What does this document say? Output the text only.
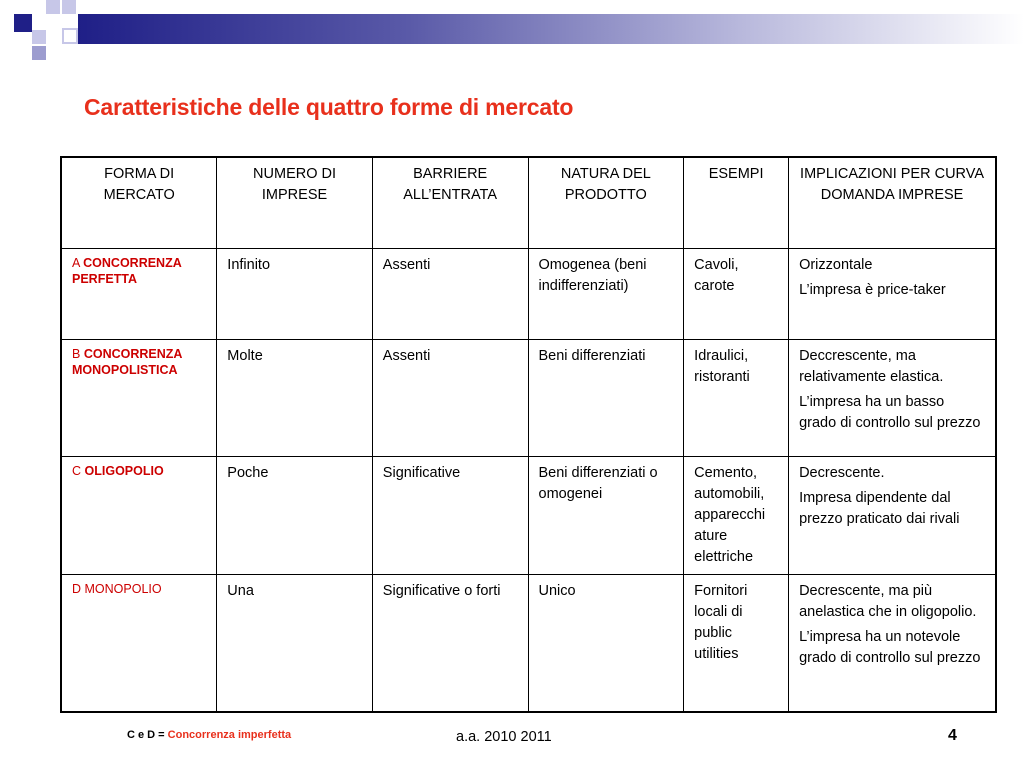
Caratteristiche delle quattro forme di mercato
FORMA DI MERCATO	NUMERO DI IMPRESE	BARRIERE ALL’ENTRATA	NATURA DEL PRODOTTO	ESEMPI	IMPLICAZIONI PER CURVA DOMANDA IMPRESE
A CONCORRENZA PERFETTA	Infinito	Assenti	Omogenea (beni indifferenziati)	Cavoli, carote	Orizzontale
L’impresa è price-taker

B CONCORRENZA MONOPOLISTICA	Molte	Assenti	Beni differenziati	Idraulici, ristoranti	Deccrescente, ma relativamente elastica.
L’impresa ha un basso grado di controllo sul prezzo

C OLIGOPOLIO	Poche	Significative	Beni differenziati o omogenei	Cemento, automobili, apparecchi ature elettriche	Decrescente.
Impresa dipendente dal prezzo praticato dai rivali

D MONOPOLIO	Una	Significative o forti	Unico	Fornitori locali di public utilities	Decrescente, ma più anelastica che in oligopolio.
L’impresa ha un notevole grado di controllo sul prezzo
C e D = Concorrenza imperfetta	a.a. 2010 2011	4
